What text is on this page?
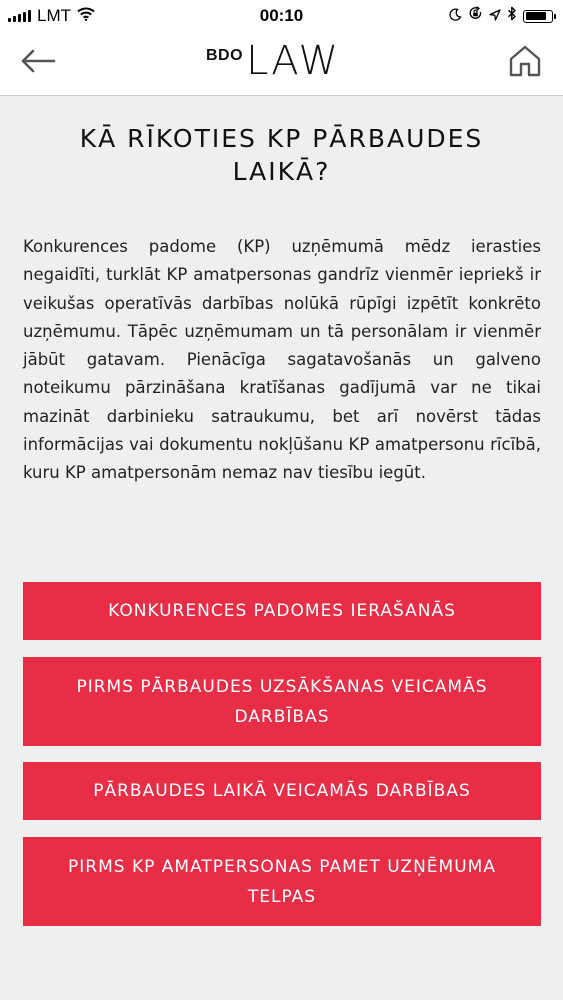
LMT	00:10
BDO LAW
KĀ RĪKOTIES KP PĀRBAUDES LAIKĀ?

Konkurences padome (KP) uzņēmumā mēdz ierasties negaidīti, turklāt KP amatpersonas gandrīz vienmēr iepriekš ir veikušas operatīvās darbības nolūkā rūpīgi izpētīt konkrēto uzņēmumu. Tāpēc uzņēmumam un tā personālam ir vienmēr jābūt gatavam. Pienācīga sagatavošanās un galveno noteikumu pārzināšana kratīšanas gadījumā var ne tikai mazināt darbinieku satraukumu, bet arī novērst tādas informācijas vai dokumentu nokļūšanu KP amatpersonu rīcībā, kuru KP amatpersonām nemaz nav tiesību iegūt.

KONKURENCES PADOMES IERAŠANĀS
PIRMS PĀRBAUDES UZSĀKŠANAS VEICAMĀS DARBĪBAS
PĀRBAUDES LAIKĀ VEICAMĀS DARBĪBAS
PIRMS KP AMATPERSONAS PAMET UZŅĒMUMA TELPAS
